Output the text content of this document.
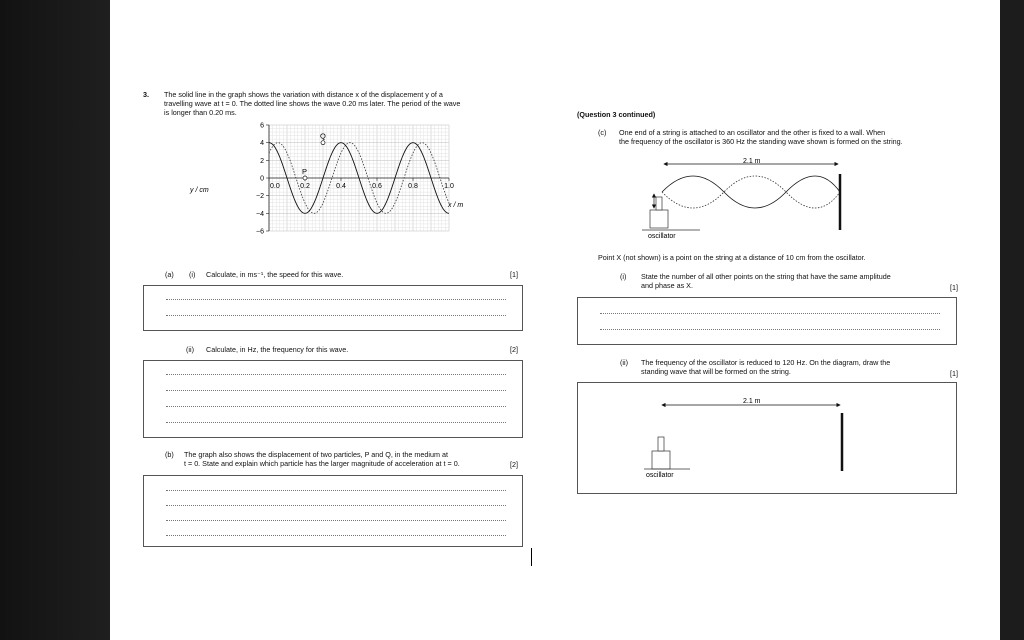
3. The solid line in the graph shows the variation with distance x of the displacement y of a
travelling wave at t = 0. The dotted line shows the wave 0.20 ms later. The period of the wave
is longer than 0.20 ms.
6
4
2
0
−2
−4
−6
0.0	0.2	0.4	0.6	0.8	1.0
P
Q
y / cm
x / m
(a) (i) Calculate, in ms⁻¹, the speed for this wave.	[1]
(ii) Calculate, in Hz, the frequency for this wave.	[2]
(b) The graph also shows the displacement of two particles, P and Q, in the medium at
t = 0. State and explain which particle has the larger magnitude of acceleration at t = 0.	[2]
(Question 3 continued)
(c) One end of a string is attached to an oscillator and the other is fixed to a wall. When
the frequency of the oscillator is 360 Hz the standing wave shown is formed on the string.
2.1 m
oscillator
Point X (not shown) is a point on the string at a distance of 10 cm from the oscillator.
(i) State the number of all other points on the string that have the same amplitude
and phase as X.	[1]
(ii) The frequency of the oscillator is reduced to 120 Hz. On the diagram, draw the
standing wave that will be formed on the string.	[1]
2.1 m
oscillator
